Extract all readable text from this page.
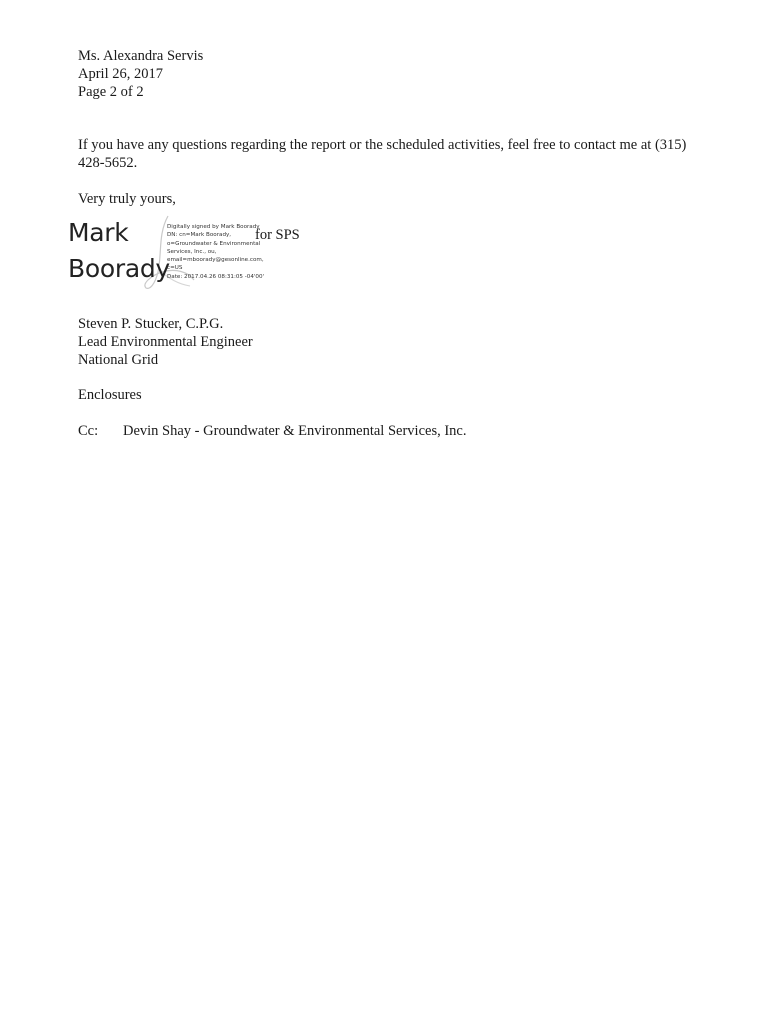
Ms. Alexandra Servis
April 26, 2017
Page 2 of 2
If you have any questions regarding the report or the scheduled activities, feel free to contact me at (315) 428-5652.
Very truly yours,
Mark
Boorady
Digitally signed by Mark Boorady
DN: cn=Mark Boorady,
o=Groundwater & Environmental
Services, Inc., ou,
email=mboorady@gesonline.com,
c=US
Date: 2017.04.26 08:31:05 -04'00'
for SPS
Steven P. Stucker, C.P.G.
Lead Environmental Engineer
National Grid
Enclosures
Cc: Devin Shay - Groundwater & Environmental Services, Inc.
